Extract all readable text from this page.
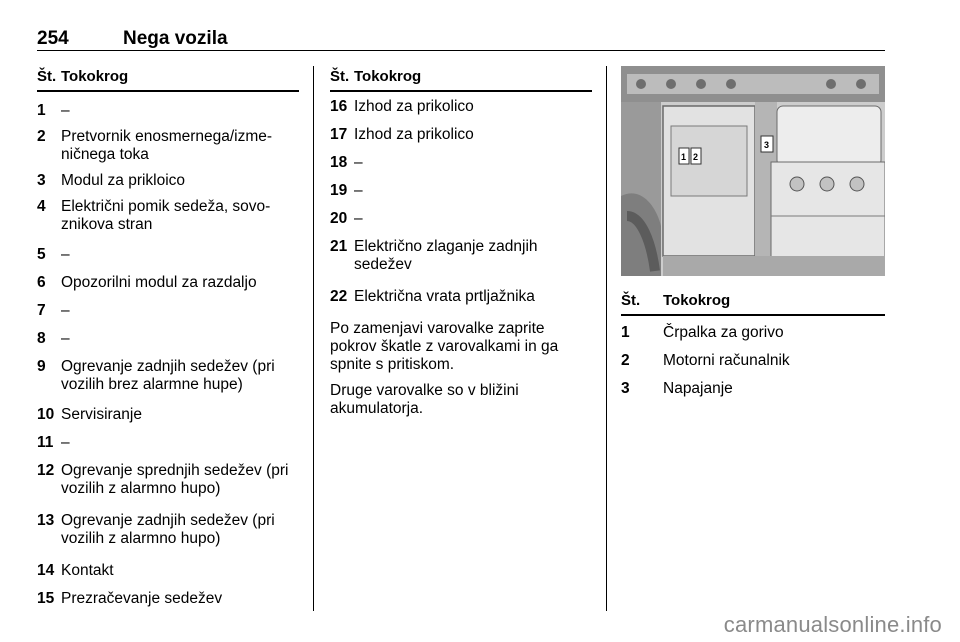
254	Nega vozila
Št. Tokokrog
1 –
2 Pretvornik enosmernega/izme-ničnega toka
3 Modul za prikloico
4 Električni pomik sedeža, sovo-znikova stran
5 –
6 Opozorilni modul za razdaljo
7 –
8 –
9 Ogrevanje zadnjih sedežev (pri vozilih brez alarmne hupe)
10 Servisiranje
11 –
12 Ogrevanje sprednjih sedežev (pri vozilih z alarmno hupo)
13 Ogrevanje zadnjih sedežev (pri vozilih z alarmno hupo)
14 Kontakt
15 Prezračevanje sedežev
Št. Tokokrog
16 Izhod za prikolico
17 Izhod za prikolico
18 –
19 –
20 –
21 Električno zlaganje zadnjih sedežev
22 Električna vrata prtljažnika

Po zamenjavi varovalke zaprite pokrov škatle z varovalkami in ga spnite s pritiskom.

Druge varovalke so v bližini akumulatorja.

1 2
3
Št. Tokokrog
1	Črpalka za gorivo
2	Motorni računalnik
3	Napajanje
carmanualsonline.info
